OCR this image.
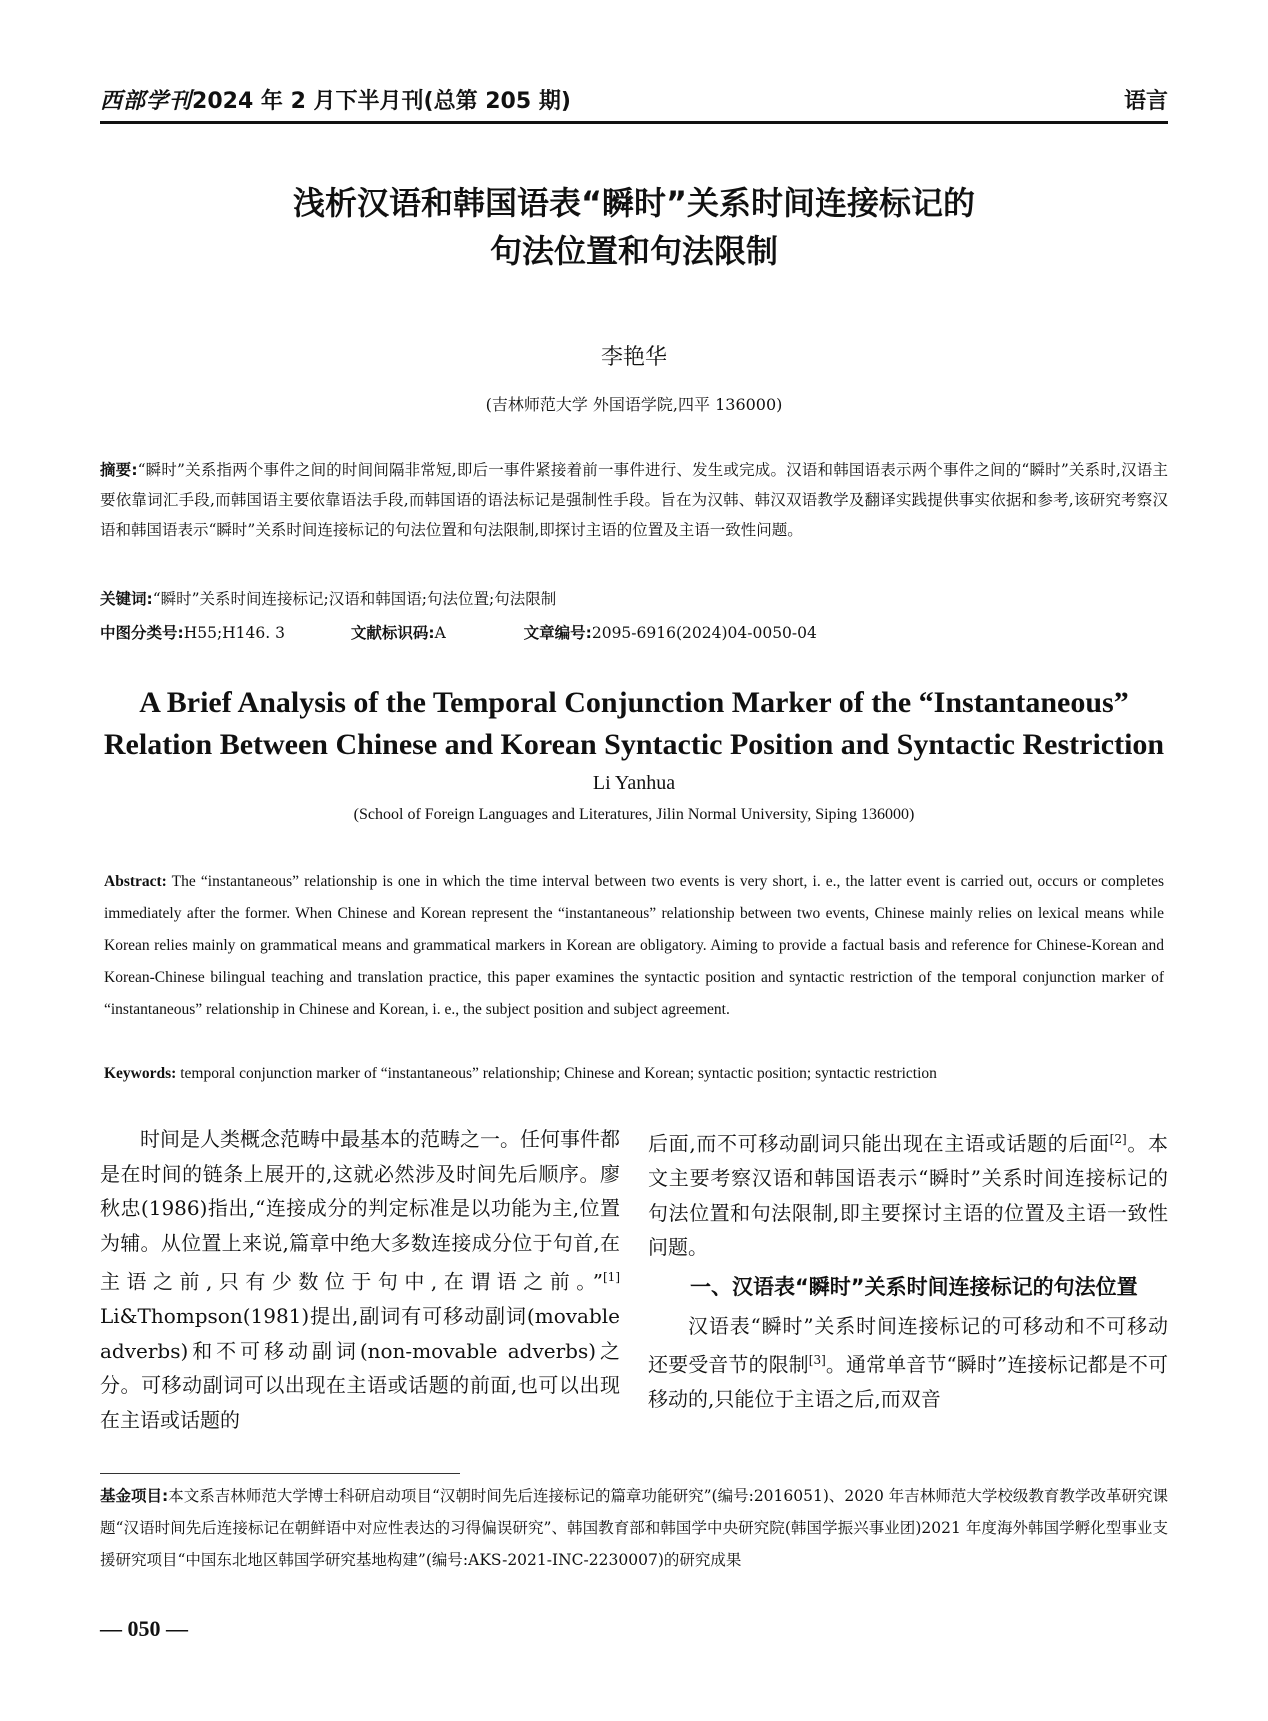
西部学刊2024 年 2 月下半月刊(总第 205 期)	语言
浅析汉语和韩国语表“瞬时”关系时间连接标记的
句法位置和句法限制
李艳华
(吉林师范大学 外国语学院,四平 136000)
摘要:“瞬时”关系指两个事件之间的时间间隔非常短,即后一事件紧接着前一事件进行、发生或完成。汉语和韩国语表示两个事件之间的“瞬时”关系时,汉语主要依靠词汇手段,而韩国语主要依靠语法手段,而韩国语的语法标记是强制性手段。旨在为汉韩、韩汉双语教学及翻译实践提供事实依据和参考,该研究考察汉语和韩国语表示“瞬时”关系时间连接标记的句法位置和句法限制,即探讨主语的位置及主语一致性问题。
关键词:“瞬时”关系时间连接标记;汉语和韩国语;句法位置;句法限制
中图分类号:H55;H146. 3	文献标识码:A	文章编号:2095-6916(2024)04-0050-04
A Brief Analysis of the Temporal Conjunction Marker of the “Instantaneous”
Relation Between Chinese and Korean Syntactic Position and Syntactic Restriction
Li Yanhua
(School of Foreign Languages and Literatures, Jilin Normal University, Siping 136000)
Abstract: The “instantaneous” relationship is one in which the time interval between two events is very short, i. e., the latter event is carried out, occurs or completes immediately after the former. When Chinese and Korean represent the “instantaneous” relationship between two events, Chinese mainly relies on lexical means while Korean relies mainly on grammatical means and grammatical markers in Korean are obligatory. Aiming to provide a factual basis and reference for Chinese-Korean and Korean-Chinese bilingual teaching and translation practice, this paper examines the syntactic position and syntactic restriction of the temporal conjunction marker of “instantaneous” relationship in Chinese and Korean, i. e., the subject position and subject agreement.
Keywords: temporal conjunction marker of “instantaneous” relationship; Chinese and Korean; syntactic position; syntactic restriction

时间是人类概念范畴中最基本的范畴之一。任何事件都是在时间的链条上展开的,这就必然涉及时间先后顺序。廖秋忠(1986)指出,“连接成分的判定标准是以功能为主,位置为辅。从位置上来说,篇章中绝大多数连接成分位于句首,在主语之前,只有少数位于句中,在谓语之前。”[1] Li&Thompson(1981)提出,副词有可移动副词(movable adverbs)和不可移动副词(non-movable adverbs)之分。可移动副词可以出现在主语或话题的前面,也可以出现在主语或话题的

后面,而不可移动副词只能出现在主语或话题的后面[2]。本文主要考察汉语和韩国语表示“瞬时”关系时间连接标记的句法位置和句法限制,即主要探讨主语的位置及主语一致性问题。

一、汉语表“瞬时”关系时间连接标记的句法位置

汉语表“瞬时”关系时间连接标记的可移动和不可移动还要受音节的限制[3]。通常单音节“瞬时”连接标记都是不可移动的,只能位于主语之后,而双音

基金项目:本文系吉林师范大学博士科研启动项目“汉朝时间先后连接标记的篇章功能研究”(编号:2016051)、2020 年吉林师范大学校级教育教学改革研究课题“汉语时间先后连接标记在朝鲜语中对应性表达的习得偏误研究”、韩国教育部和韩国学中央研究院(韩国学振兴事业团)2021 年度海外韩国学孵化型事业支援研究项目“中国东北地区韩国学研究基地构建”(编号:AKS-2021-INC-2230007)的研究成果
— 050 —
